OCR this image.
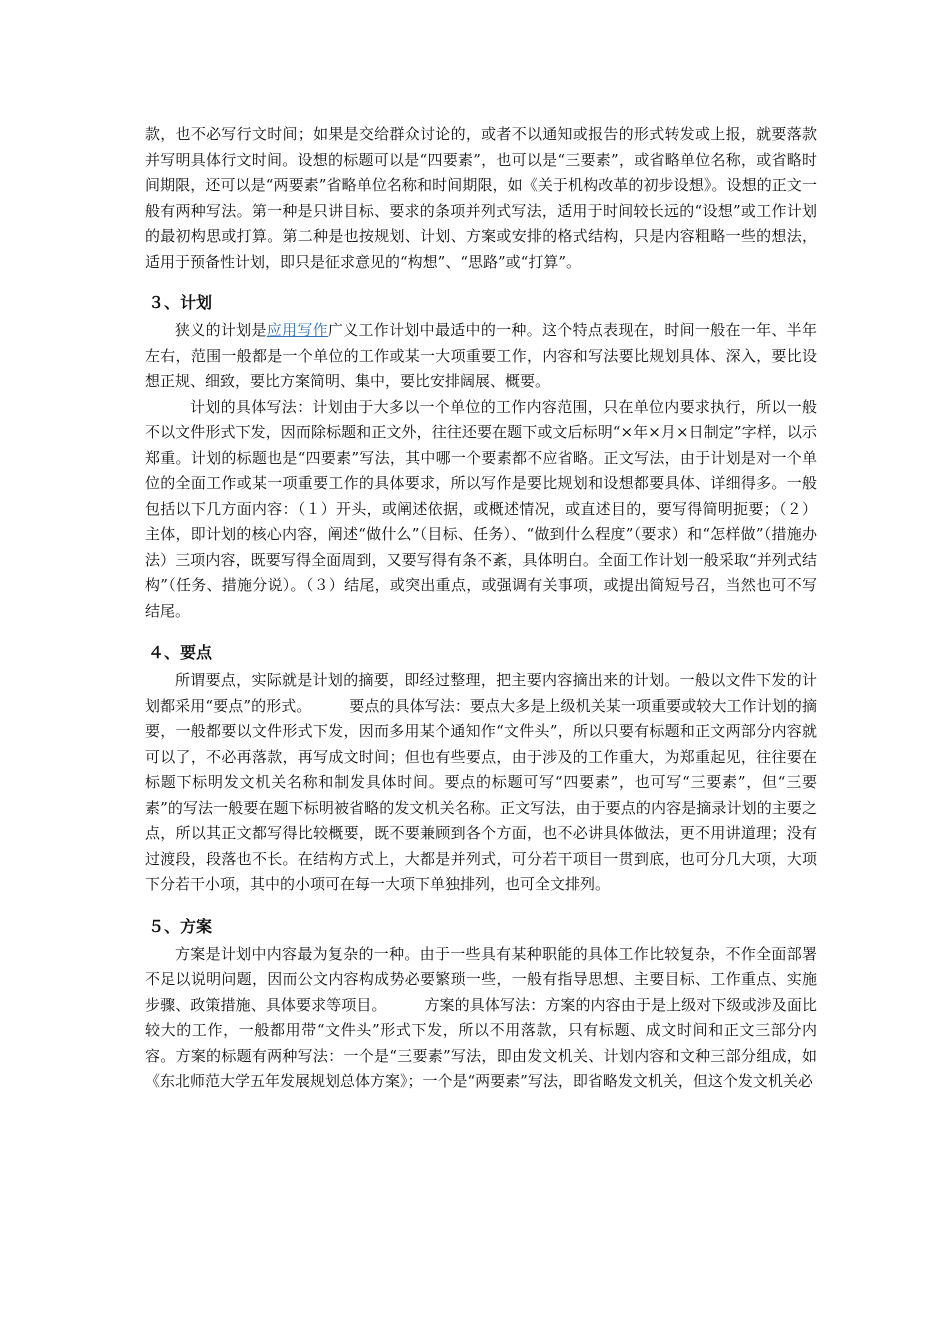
款，也不必写行文时间；如果是交给群众讨论的，或者不以通知或报告的形式转发或上报，就要落款并写明具体行文时间。设想的标题可以是“四要素”，也可以是“三要素”，或省略单位名称，或省略时间期限，还可以是“两要素”省略单位名称和时间期限，如《关于机构改革的初步设想》。设想的正文一般有两种写法。第一种是只讲目标、要求的条项并列式写法，适用于时间较长远的“设想”或工作计划的最初构思或打算。第二种是也按规划、计划、方案或安排的格式结构，只是内容粗略一些的想法，适用于预备性计划，即只是征求意见的“构想”、“思路”或“打算”。

３、计划

狭义的计划是应用写作广义工作计划中最适中的一种。这个特点表现在，时间一般在一年、半年左右，范围一般都是一个单位的工作或某一大项重要工作，内容和写法要比规划具体、深入，要比设想正规、细致，要比方案简明、集中，要比安排阔展、概要。

计划的具体写法：计划由于大多以一个单位的工作内容范围，只在单位内要求执行，所以一般不以文件形式下发，因而除标题和正文外，往往还要在题下或文后标明“×年×月×日制定”字样，以示郑重。计划的标题也是“四要素”写法，其中哪一个要素都不应省略。正文写法，由于计划是对一个单位的全面工作或某一项重要工作的具体要求，所以写作是要比规划和设想都要具体、详细得多。一般包括以下几方面内容：（１）开头，或阐述依据，或概述情况，或直述目的，要写得简明扼要；（２）主体，即计划的核心内容，阐述“做什么”（目标、任务）、“做到什么程度”（要求）和“怎样做”（措施办法）三项内容，既要写得全面周到，又要写得有条不紊，具体明白。全面工作计划一般采取“并列式结构”（任务、措施分说）。（３）结尾，或突出重点，或强调有关事项，或提出简短号召，当然也可不写结尾。

４、要点

所谓要点，实际就是计划的摘要，即经过整理，把主要内容摘出来的计划。一般以文件下发的计划都采用“要点”的形式。　　　要点的具体写法：要点大多是上级机关某一项重要或较大工作计划的摘要，一般都要以文件形式下发，因而多用某个通知作“文件头”，所以只要有标题和正文两部分内容就可以了，不必再落款，再写成文时间；但也有些要点，由于涉及的工作重大，为郑重起见，往往要在标题下标明发文机关名称和制发具体时间。要点的标题可写“四要素”，也可写“三要素”，但“三要素”的写法一般要在题下标明被省略的发文机关名称。正文写法，由于要点的内容是摘录计划的主要之点，所以其正文都写得比较概要，既不要兼顾到各个方面，也不必讲具体做法，更不用讲道理；没有过渡段，段落也不长。在结构方式上，大都是并列式，可分若干项目一贯到底，也可分几大项，大项下分若干小项，其中的小项可在每一大项下单独排列，也可全文排列。

５、方案

方案是计划中内容最为复杂的一种。由于一些具有某种职能的具体工作比较复杂，不作全面部署不足以说明问题，因而公文内容构成势必要繁琐一些，一般有指导思想、主要目标、工作重点、实施步骤、政策措施、具体要求等项目。　　　方案的具体写法：方案的内容由于是上级对下级或涉及面比较大的工作，一般都用带“文件头”形式下发，所以不用落款，只有标题、成文时间和正文三部分内容。方案的标题有两种写法：一个是“三要素”写法，即由发文机关、计划内容和文种三部分组成，如《东北师范大学五年发展规划总体方案》；一个是“两要素”写法，即省略发文机关，但这个发文机关必
